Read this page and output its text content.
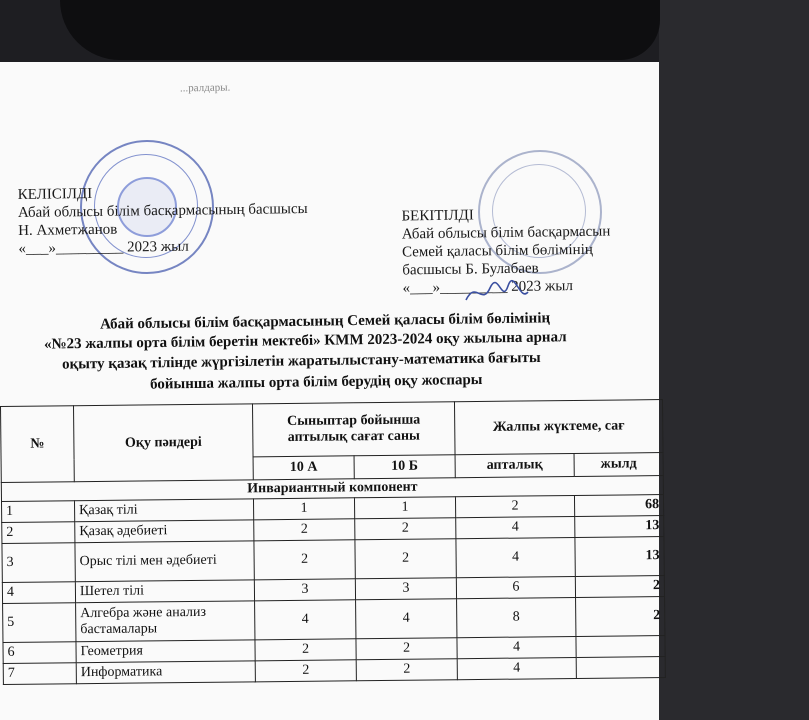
...ралдары.
КЕЛІСІЛДІ
Абай облысы білім басқармасының басшысы
Н. Ахметжанов
«___»_________ 2023 жыл
БЕКІТІЛДІ
Абай облысы білім басқармасын
Семей қаласы білім бөлімінің
басшысы Б. Булабаев
«___»_________ 2023 жыл
Абай облысы білім басқармасының Семей қаласы білім бөлімінің
«№23 жалпы орта білім беретін мектебі» КММ 2023-2024 оқу жылына арнал
оқыту қазақ тілінде жүргізілетін жаратылыстану-математика бағыты
бойынша жалпы орта білім берудің оқу жоспары
№	Оқу пәндері	Сыныптар бойынша аптылық сағат саны		Жалпы жүктеме, сағ	
		10 А	10 Б	апталық	жылд
Инвариантный компонент					
1	Қазақ тілі	1	1	2	68
2	Қазақ әдебиеті	2	2	4	13
3	Орыс тілі мен әдебиеті	2	2	4	13
4	Шетел тілі	3	3	6	2
5	Алгебра және анализ бастамалары	4	4	8	2
6	Геометрия	2	2	4	
7	Информатика	2	2	4	
